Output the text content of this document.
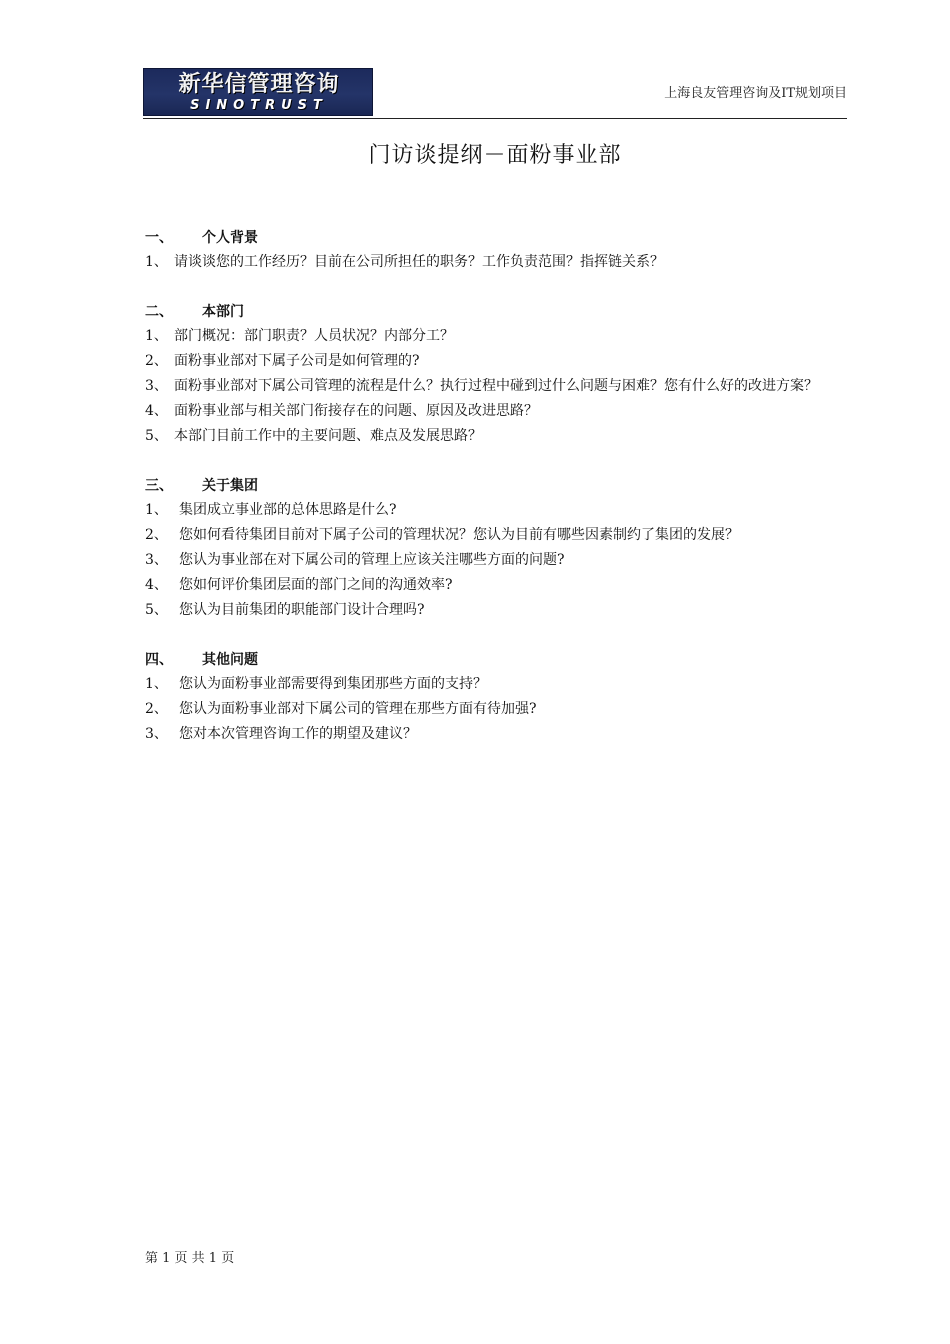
新华信管理咨询
SINOTRUST
上海良友管理咨询及IT规划项目
门访谈提纲－面粉事业部
一、 个人背景
1、 请谈谈您的工作经历？目前在公司所担任的职务？工作负责范围？指挥链关系？
二、 本部门
1、 部门概况：部门职责？人员状况？内部分工？
2、 面粉事业部对下属子公司是如何管理的?
3、 面粉事业部对下属公司管理的流程是什么？执行过程中碰到过什么问题与困难？您有什么好的改进方案？
4、 面粉事业部与相关部门衔接存在的问题、原因及改进思路？
5、 本部门目前工作中的主要问题、难点及发展思路？
三、 关于集团
1、 集团成立事业部的总体思路是什么?
2、 您如何看待集团目前对下属子公司的管理状况？您认为目前有哪些因素制约了集团的发展？
3、 您认为事业部在对下属公司的管理上应该关注哪些方面的问题?
4、 您如何评价集团层面的部门之间的沟通效率?
5、 您认为目前集团的职能部门设计合理吗?
四、 其他问题
1、 您认为面粉事业部需要得到集团那些方面的支持？
2、 您认为面粉事业部对下属公司的管理在那些方面有待加强?
3、 您对本次管理咨询工作的期望及建议？
第 1 页 共 1 页
